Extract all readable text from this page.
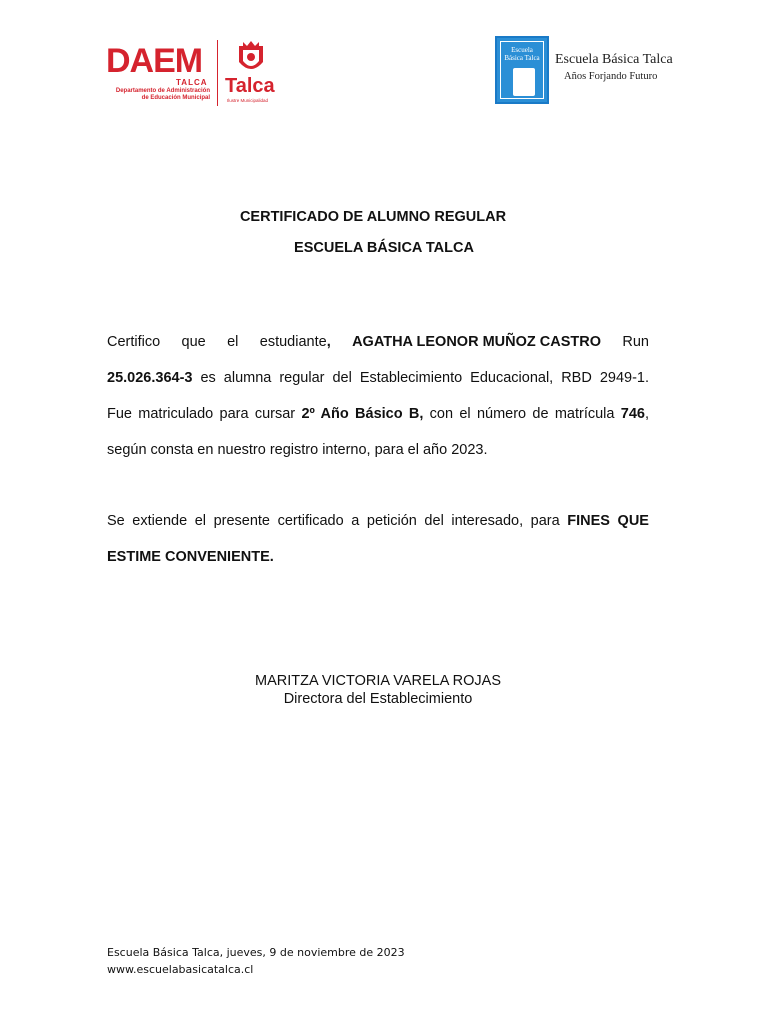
DAEM
TALCA
Departamento de Administración
de Educación Municipal
Talca
Ilustre Municipalidad
Escuela
Básica Talca Escuela Básica Talca
Años Forjando Futuro
CERTIFICADO DE ALUMNO REGULAR
ESCUELA BÁSICA TALCA
Certifico que el estudiante, AGATHA LEONOR MUÑOZ CASTRO Run
25.026.364-3 es alumna regular del Establecimiento Educacional, RBD 2949-1.
Fue matriculado para cursar 2º Año Básico B, con el número de matrícula 746,
según consta en nuestro registro interno, para el año 2023.
Se extiende el presente certificado a petición del interesado, para FINES QUE
ESTIME CONVENIENTE.
MARITZA VICTORIA VARELA ROJAS
Directora del Establecimiento
Escuela Básica Talca, jueves, 9 de noviembre de 2023
www.escuelabasicatalca.cl
